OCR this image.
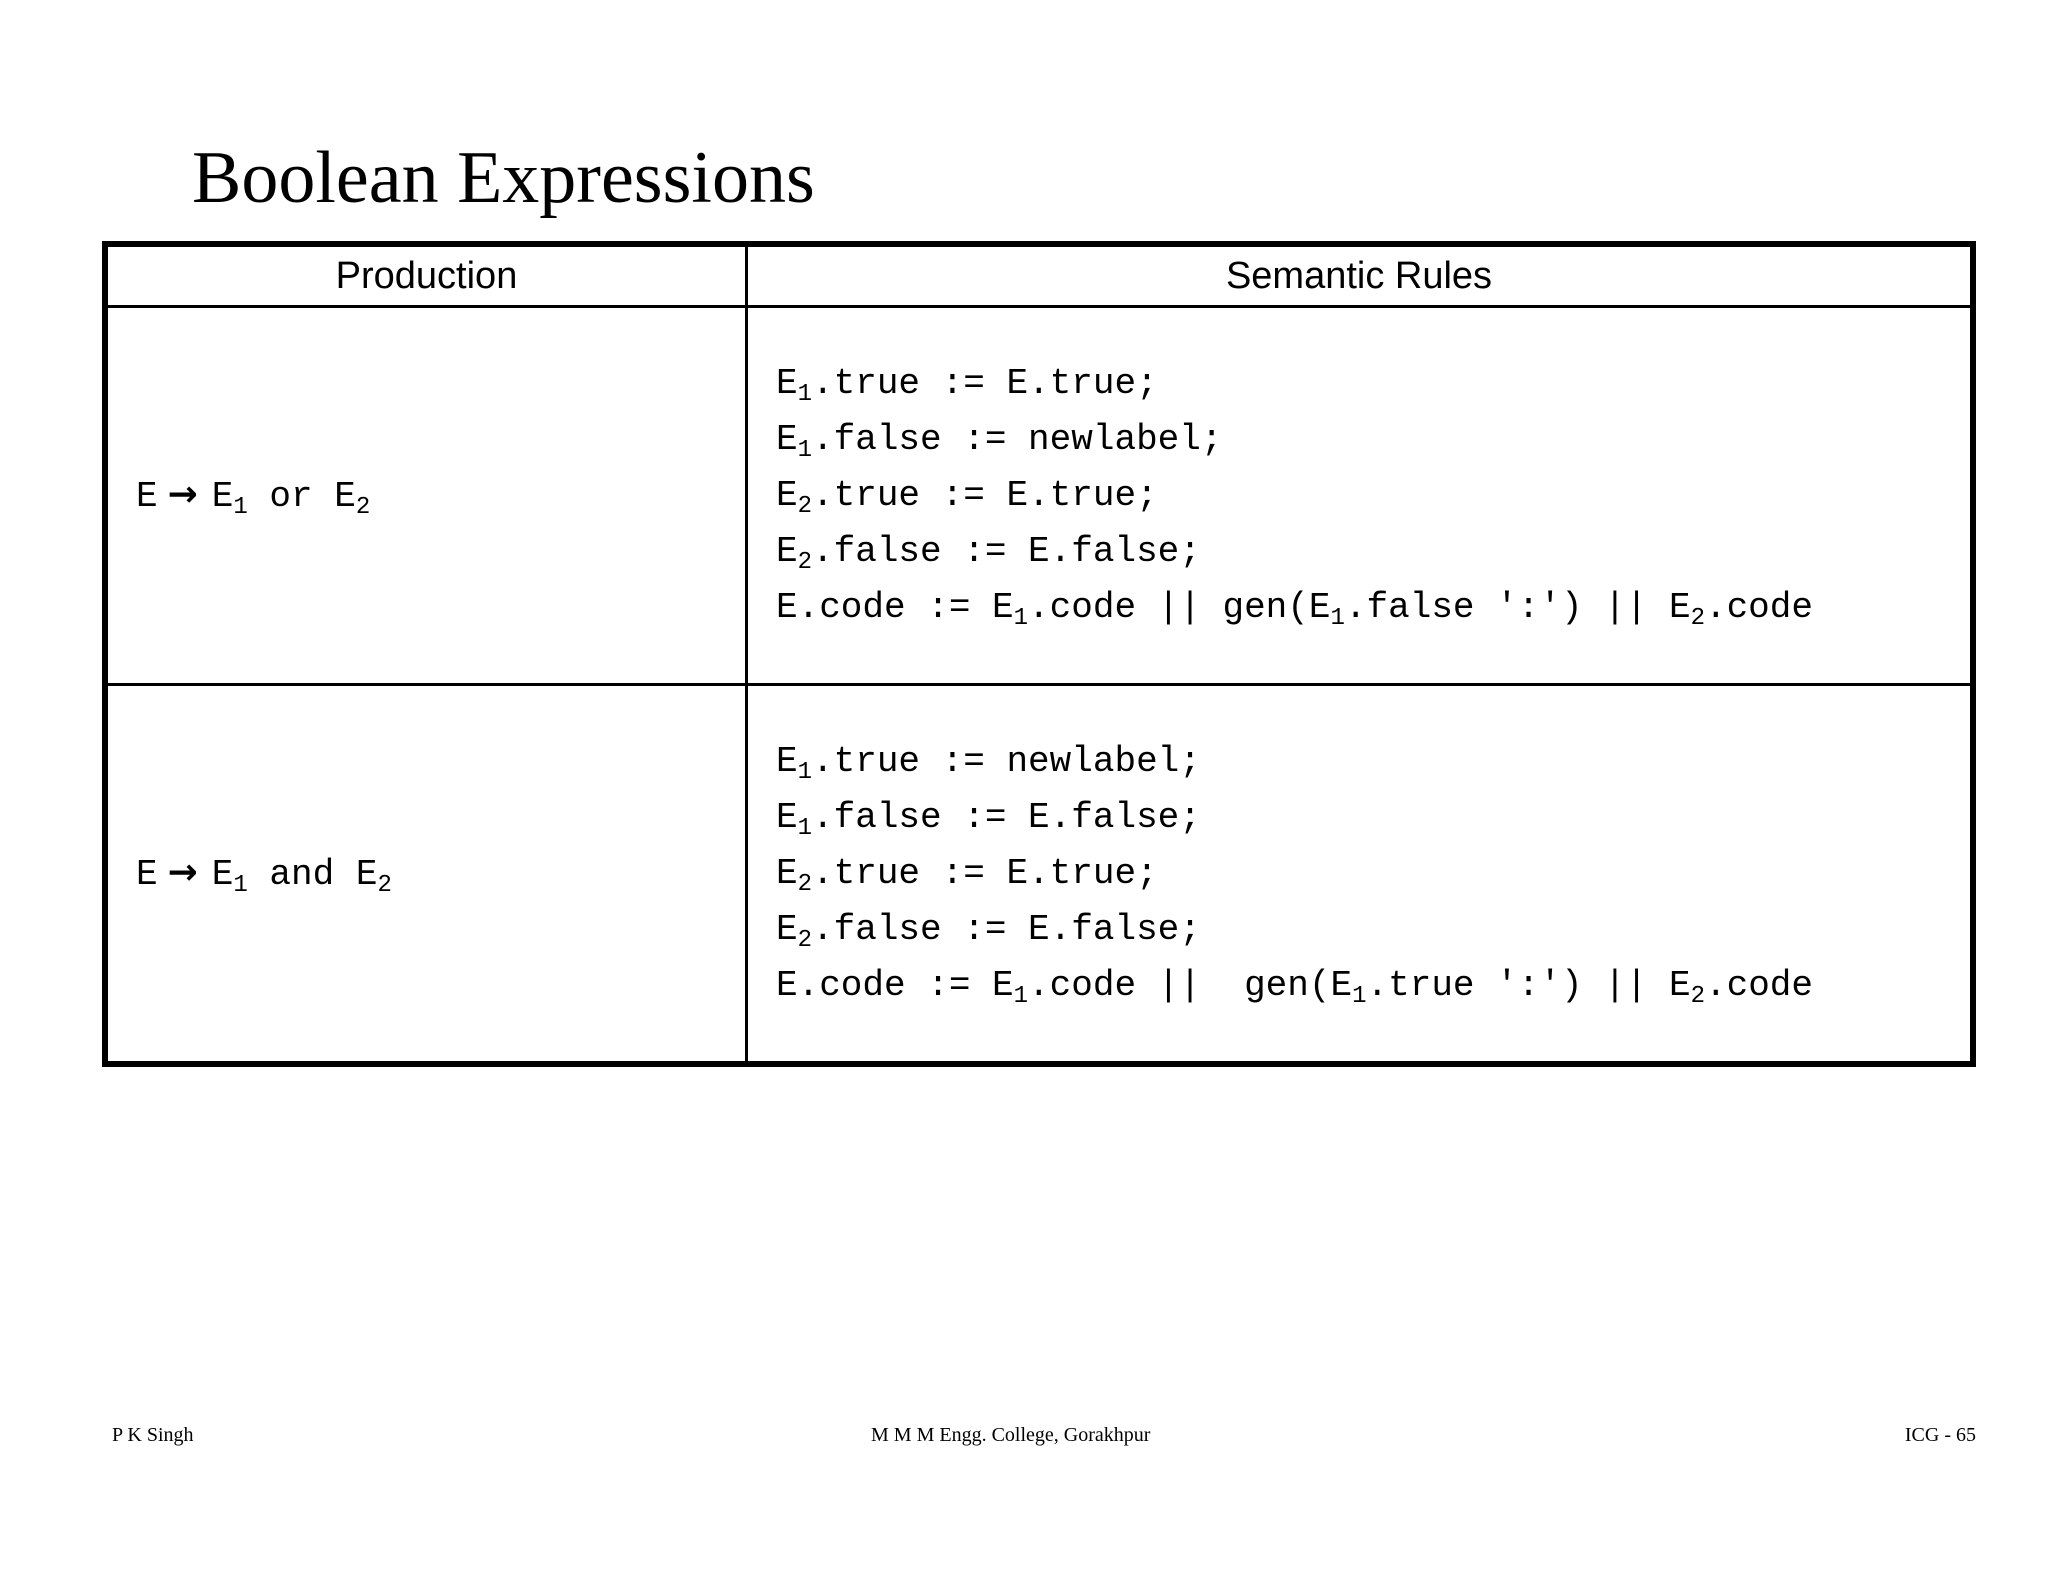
Boolean Expressions
Production	Semantic Rules
$E \to E_1$ or $E_2$	$E_1.true$ := E.true;
$E_1.false$ := newlabel;
$E_2.true$ := E.true;
$E_2.false$ := E.false;
E.code := $E_1.code$ || $gen(E_1.false$ ':') || $E_2.code$

$E \to E_1$ and $E_2$	$E_1.true$ := newlabel;
$E_1.false$ := E.false;
$E_2.true$ := E.true;
$E_2.false$ := E.false;
E.code := $E_1.code$ ||  $gen(E_1.true$ ':') || $E_2.code$
P K Singh	M M M Engg. College, Gorakhpur	ICG - 65
